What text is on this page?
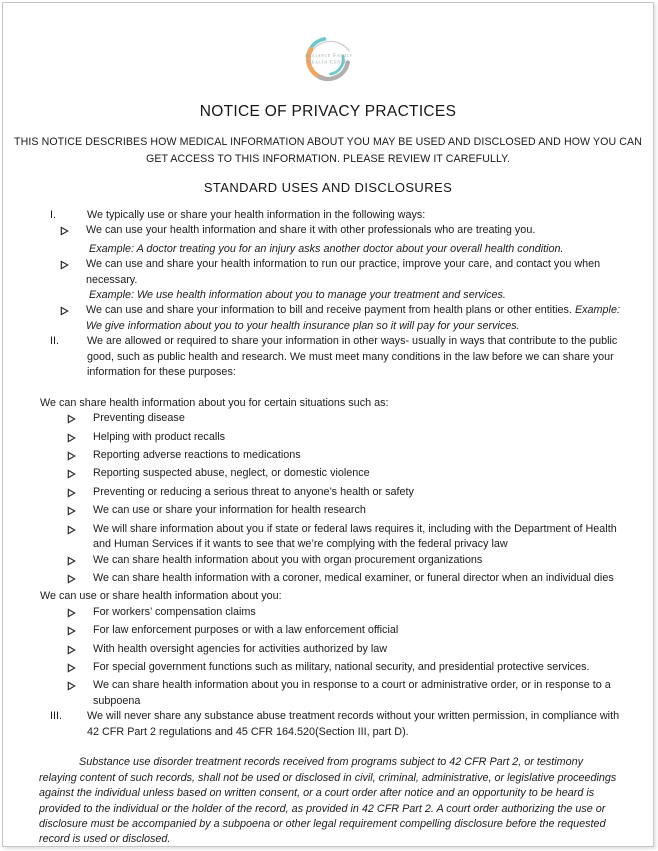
Alliance Family
Health Center
NOTICE OF PRIVACY PRACTICES
THIS NOTICE DESCRIBES HOW MEDICAL INFORMATION ABOUT YOU MAY BE USED AND DISCLOSED AND HOW YOU CAN
GET ACCESS TO THIS INFORMATION. PLEASE REVIEW IT CAREFULLY.
STANDARD USES AND DISCLOSURES
I.	We typically use or share your health information in the following ways:
We can use your health information and share it with other professionals who are treating you.
Example: A doctor treating you for an injury asks another doctor about your overall health condition.
We can use and share your health information to run our practice, improve your care, and contact you when necessary.
Example: We use health information about you to manage your treatment and services.
We can use and share your information to bill and receive payment from health plans or other entities. Example: We give information about you to your health insurance plan so it will pay for your services.
II.	We are allowed or required to share your information in other ways- usually in ways that contribute to the public good, such as public health and research. We must meet many conditions in the law before we can share your information for these purposes:
We can share health information about you for certain situations such as:
Preventing disease
Helping with product recalls
Reporting adverse reactions to medications
Reporting suspected abuse, neglect, or domestic violence
Preventing or reducing a serious threat to anyone’s health or safety
We can use or share your information for health research
We will share information about you if state or federal laws requires it, including with the Department of Health and Human Services if it wants to see that we’re complying with the federal privacy law
We can share health information about you with organ procurement organizations
We can share health information with a coroner, medical examiner, or funeral director when an individual dies
We can use or share health information about you:
For workers’ compensation claims
For law enforcement purposes or with a law enforcement official
With health oversight agencies for activities authorized by law
For special government functions such as military, national security, and presidential protective services.
We can share health information about you in response to a court or administrative order, or in response to a subpoena
III.	We will never share any substance abuse treatment records without your written permission, in compliance with 42 CFR Part 2 regulations and 45 CFR 164.520(Section III, part D).
Substance use disorder treatment records received from programs subject to 42 CFR Part 2, or testimony relaying content of such records, shall not be used or disclosed in civil, criminal, administrative, or legislative proceedings against the individual unless based on written consent, or a court order after notice and an opportunity to be heard is provided to the individual or the holder of the record, as provided in 42 CFR Part 2. A court order authorizing the use or disclosure must be accompanied by a subpoena or other legal requirement compelling disclosure before the requested record is used or disclosed.
